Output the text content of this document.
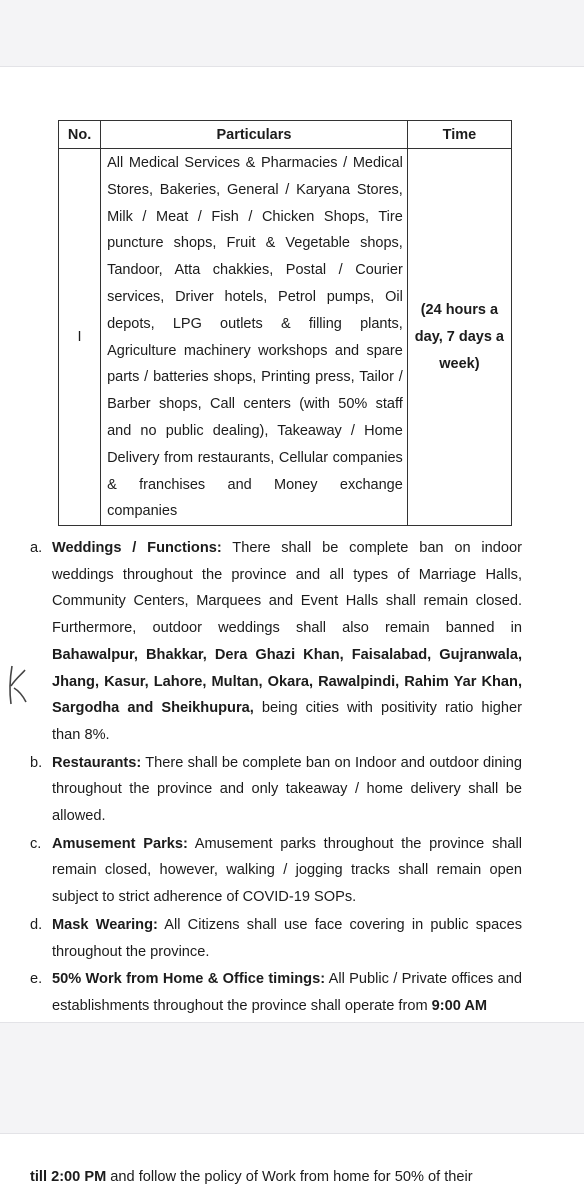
No.	Particulars	Time
I	All Medical Services & Pharmacies / Medical Stores, Bakeries, General / Karyana Stores, Milk / Meat / Fish / Chicken Shops, Tire puncture shops, Fruit & Vegetable shops, Tandoor, Atta chakkies, Postal / Courier services, Driver hotels, Petrol pumps, Oil depots, LPG outlets & filling plants, Agriculture machinery workshops and spare parts / batteries shops, Printing press, Tailor / Barber shops, Call centers (with 50% staff and no public dealing), Takeaway / Home Delivery from restaurants, Cellular companies & franchises and Money exchange companies	(24 hours a day, 7 days a week)
a. Weddings / Functions: There shall be complete ban on indoor weddings throughout the province and all types of Marriage Halls, Community Centers, Marquees and Event Halls shall remain closed. Furthermore, outdoor weddings shall also remain banned in Bahawalpur, Bhakkar, Dera Ghazi Khan, Faisalabad, Gujranwala, Jhang, Kasur, Lahore, Multan, Okara, Rawalpindi, Rahim Yar Khan, Sargodha and Sheikhupura, being cities with positivity ratio higher than 8%.
b. Restaurants: There shall be complete ban on Indoor and outdoor dining throughout the province and only takeaway / home delivery shall be allowed.
c. Amusement Parks: Amusement parks throughout the province shall remain closed, however, walking / jogging tracks shall remain open subject to strict adherence of COVID-19 SOPs.
d. Mask Wearing: All Citizens shall use face covering in public spaces throughout the province.
e. 50% Work from Home & Office timings: All Public / Private offices and establishments throughout the province shall operate from 9:00 AM
till 2:00 PM and follow the policy of Work from home for 50% of their
